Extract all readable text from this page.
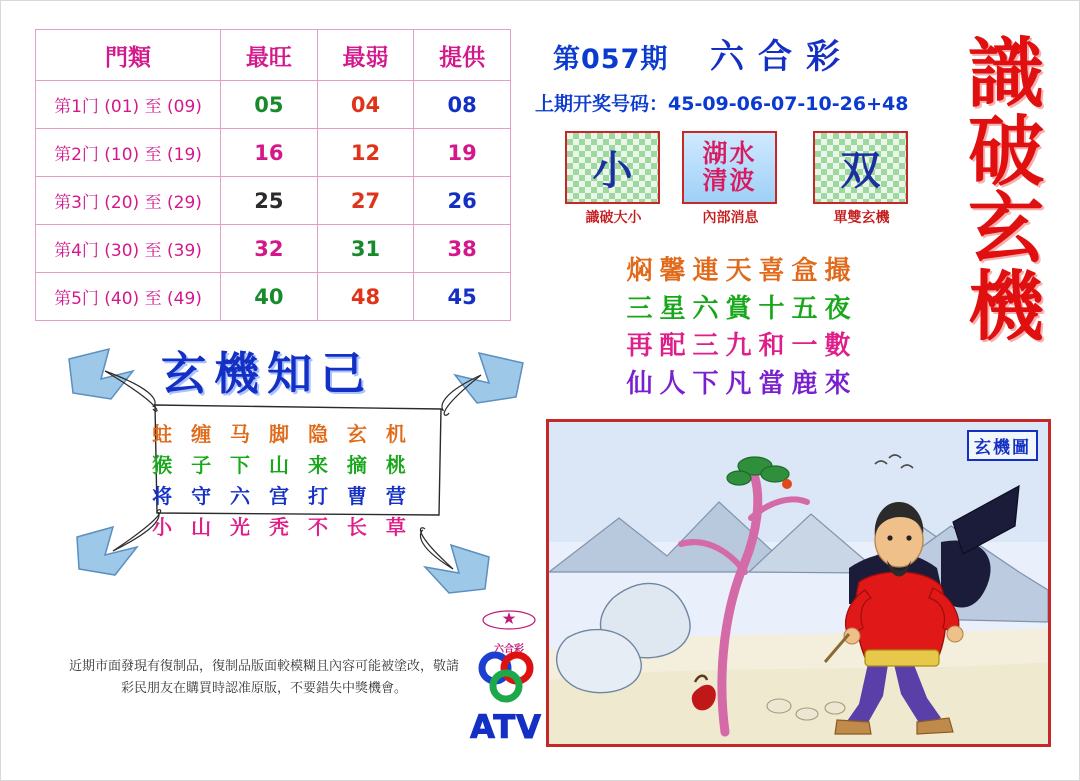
門類	最旺	最弱	提供
第1门 (01) 至 (09)	05	04	08
第2门 (10) 至 (19)	16	12	19
第3门 (20) 至 (29)	25	27	26
第4门 (30) 至 (39)	32	31	38
第5门 (40) 至 (49)	40	48	45
第057期 六合彩
上期开奖号码：45-09-06-07-10-26+48 識
破
玄
機
小
識破大小
湖水
清波
內部消息
双
單雙玄機
焖馨連天喜盒撮
三星六賞十五夜
再配三九和一數
仙人下凡當鹿來
玄機知己
蛀 缠 马 脚 隐 玄 机
猴 子 下 山 来 摘 桃
将 守 六 宫 打 曹 营
小 山 光 秃 不 长 草
六合彩
ATV
近期市面發現有復制品，復制品版面較模糊且內容可能被塗改，敬請彩民朋友在購買時認准原版，不要錯失中獎機會。
玄機圖
